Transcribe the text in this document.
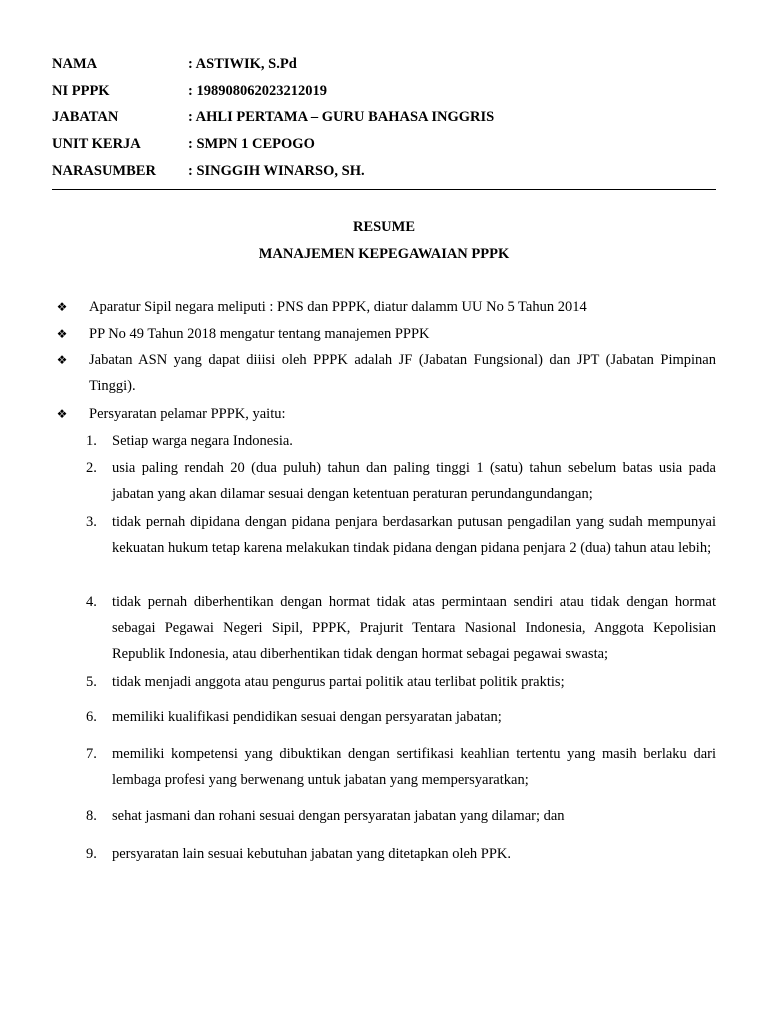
NAMA	: ASTIWIK, S.Pd
NI PPPK	: 198908062023212019
JABATAN	: AHLI PERTAMA – GURU BAHASA INGGRIS
UNIT KERJA	: SMPN 1 CEPOGO
NARASUMBER : SINGGIH WINARSO, SH.
RESUME
MANAJEMEN KEPEGAWAIAN PPPK
❖	Aparatur Sipil negara meliputi : PNS dan PPPK, diatur dalamm UU No 5 Tahun 2014
❖	PP No 49 Tahun 2018 mengatur tentang manajemen PPPK
❖	Jabatan ASN yang dapat diiisi oleh PPPK adalah JF (Jabatan Fungsional) dan JPT (Jabatan Pimpinan Tinggi).
❖	Persyaratan pelamar PPPK, yaitu:
1.	Setiap warga negara Indonesia.
2.	usia paling rendah 20 (dua puluh) tahun dan paling tinggi 1 (satu) tahun sebelum batas usia pada jabatan yang akan dilamar sesuai dengan ketentuan peraturan perundangundangan;
3.	tidak pernah dipidana dengan pidana penjara berdasarkan putusan pengadilan yang sudah mempunyai kekuatan hukum tetap karena melakukan tindak pidana dengan pidana penjara 2 (dua) tahun atau lebih;
4.	tidak pernah diberhentikan dengan hormat tidak atas permintaan sendiri atau tidak dengan hormat sebagai Pegawai Negeri Sipil, PPPK, Prajurit Tentara Nasional Indonesia, Anggota Kepolisian Republik Indonesia, atau diberhentikan tidak dengan hormat sebagai pegawai swasta;
5.	tidak menjadi anggota atau pengurus partai politik atau terlibat politik praktis;
6.	memiliki kualifikasi pendidikan sesuai dengan persyaratan jabatan;
7.	memiliki kompetensi yang dibuktikan dengan sertifikasi keahlian tertentu yang masih berlaku dari lembaga profesi yang berwenang untuk jabatan yang mempersyaratkan;
8.	sehat jasmani dan rohani sesuai dengan persyaratan jabatan yang dilamar; dan
9.	persyaratan lain sesuai kebutuhan jabatan yang ditetapkan oleh PPK.
